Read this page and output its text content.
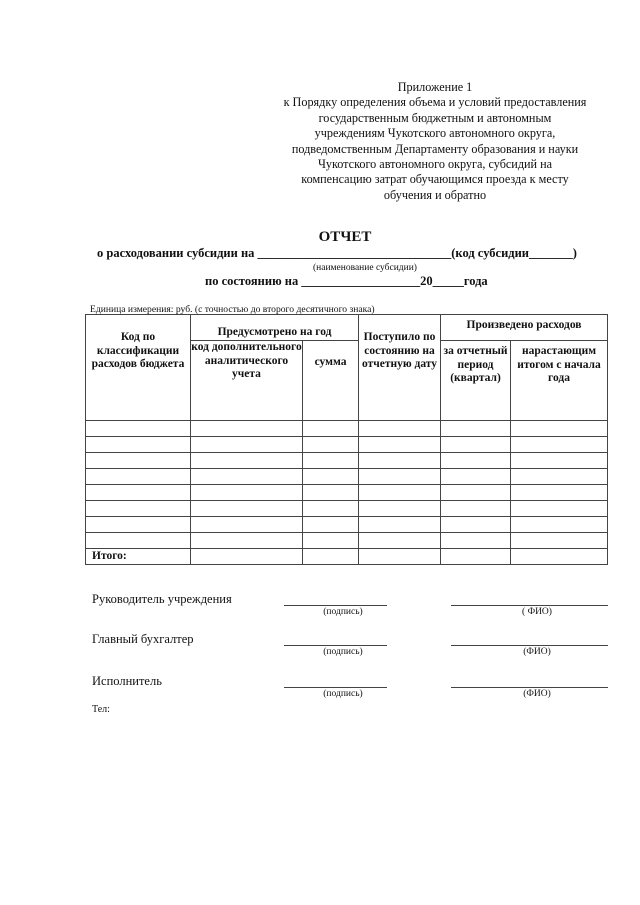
Приложение 1
к Порядку определения объема и условий предоставления
государственным бюджетным и автономным
учреждениям Чукотского автономного округа,
подведомственным Департаменту образования и науки
Чукотского автономного округа, субсидий на
компенсацию затрат обучающимся проезда к месту
обучения и обратно
ОТЧЕТ
о расходовании субсидии на _______________________________(код субсидии_______)
(наименование субсидии)
по состоянию на ___________________20_____года
Единица измерения: руб. (с точностью до второго десятичного знака)
Код по классификации расходов бюджета	Предусмотрено на год		Поступило по состоянию на отчетную дату	Произведено расходов	
	код дополнительного аналитического учета	сумма		за отчетный период (квартал)	нарастающим итогом с начала года

Итого:					
Руководитель учреждения
(подпись)	( ФИО)
Главный бухгалтер
(подпись)	(ФИО)
Исполнитель
(подпись)	(ФИО)
Тел:
